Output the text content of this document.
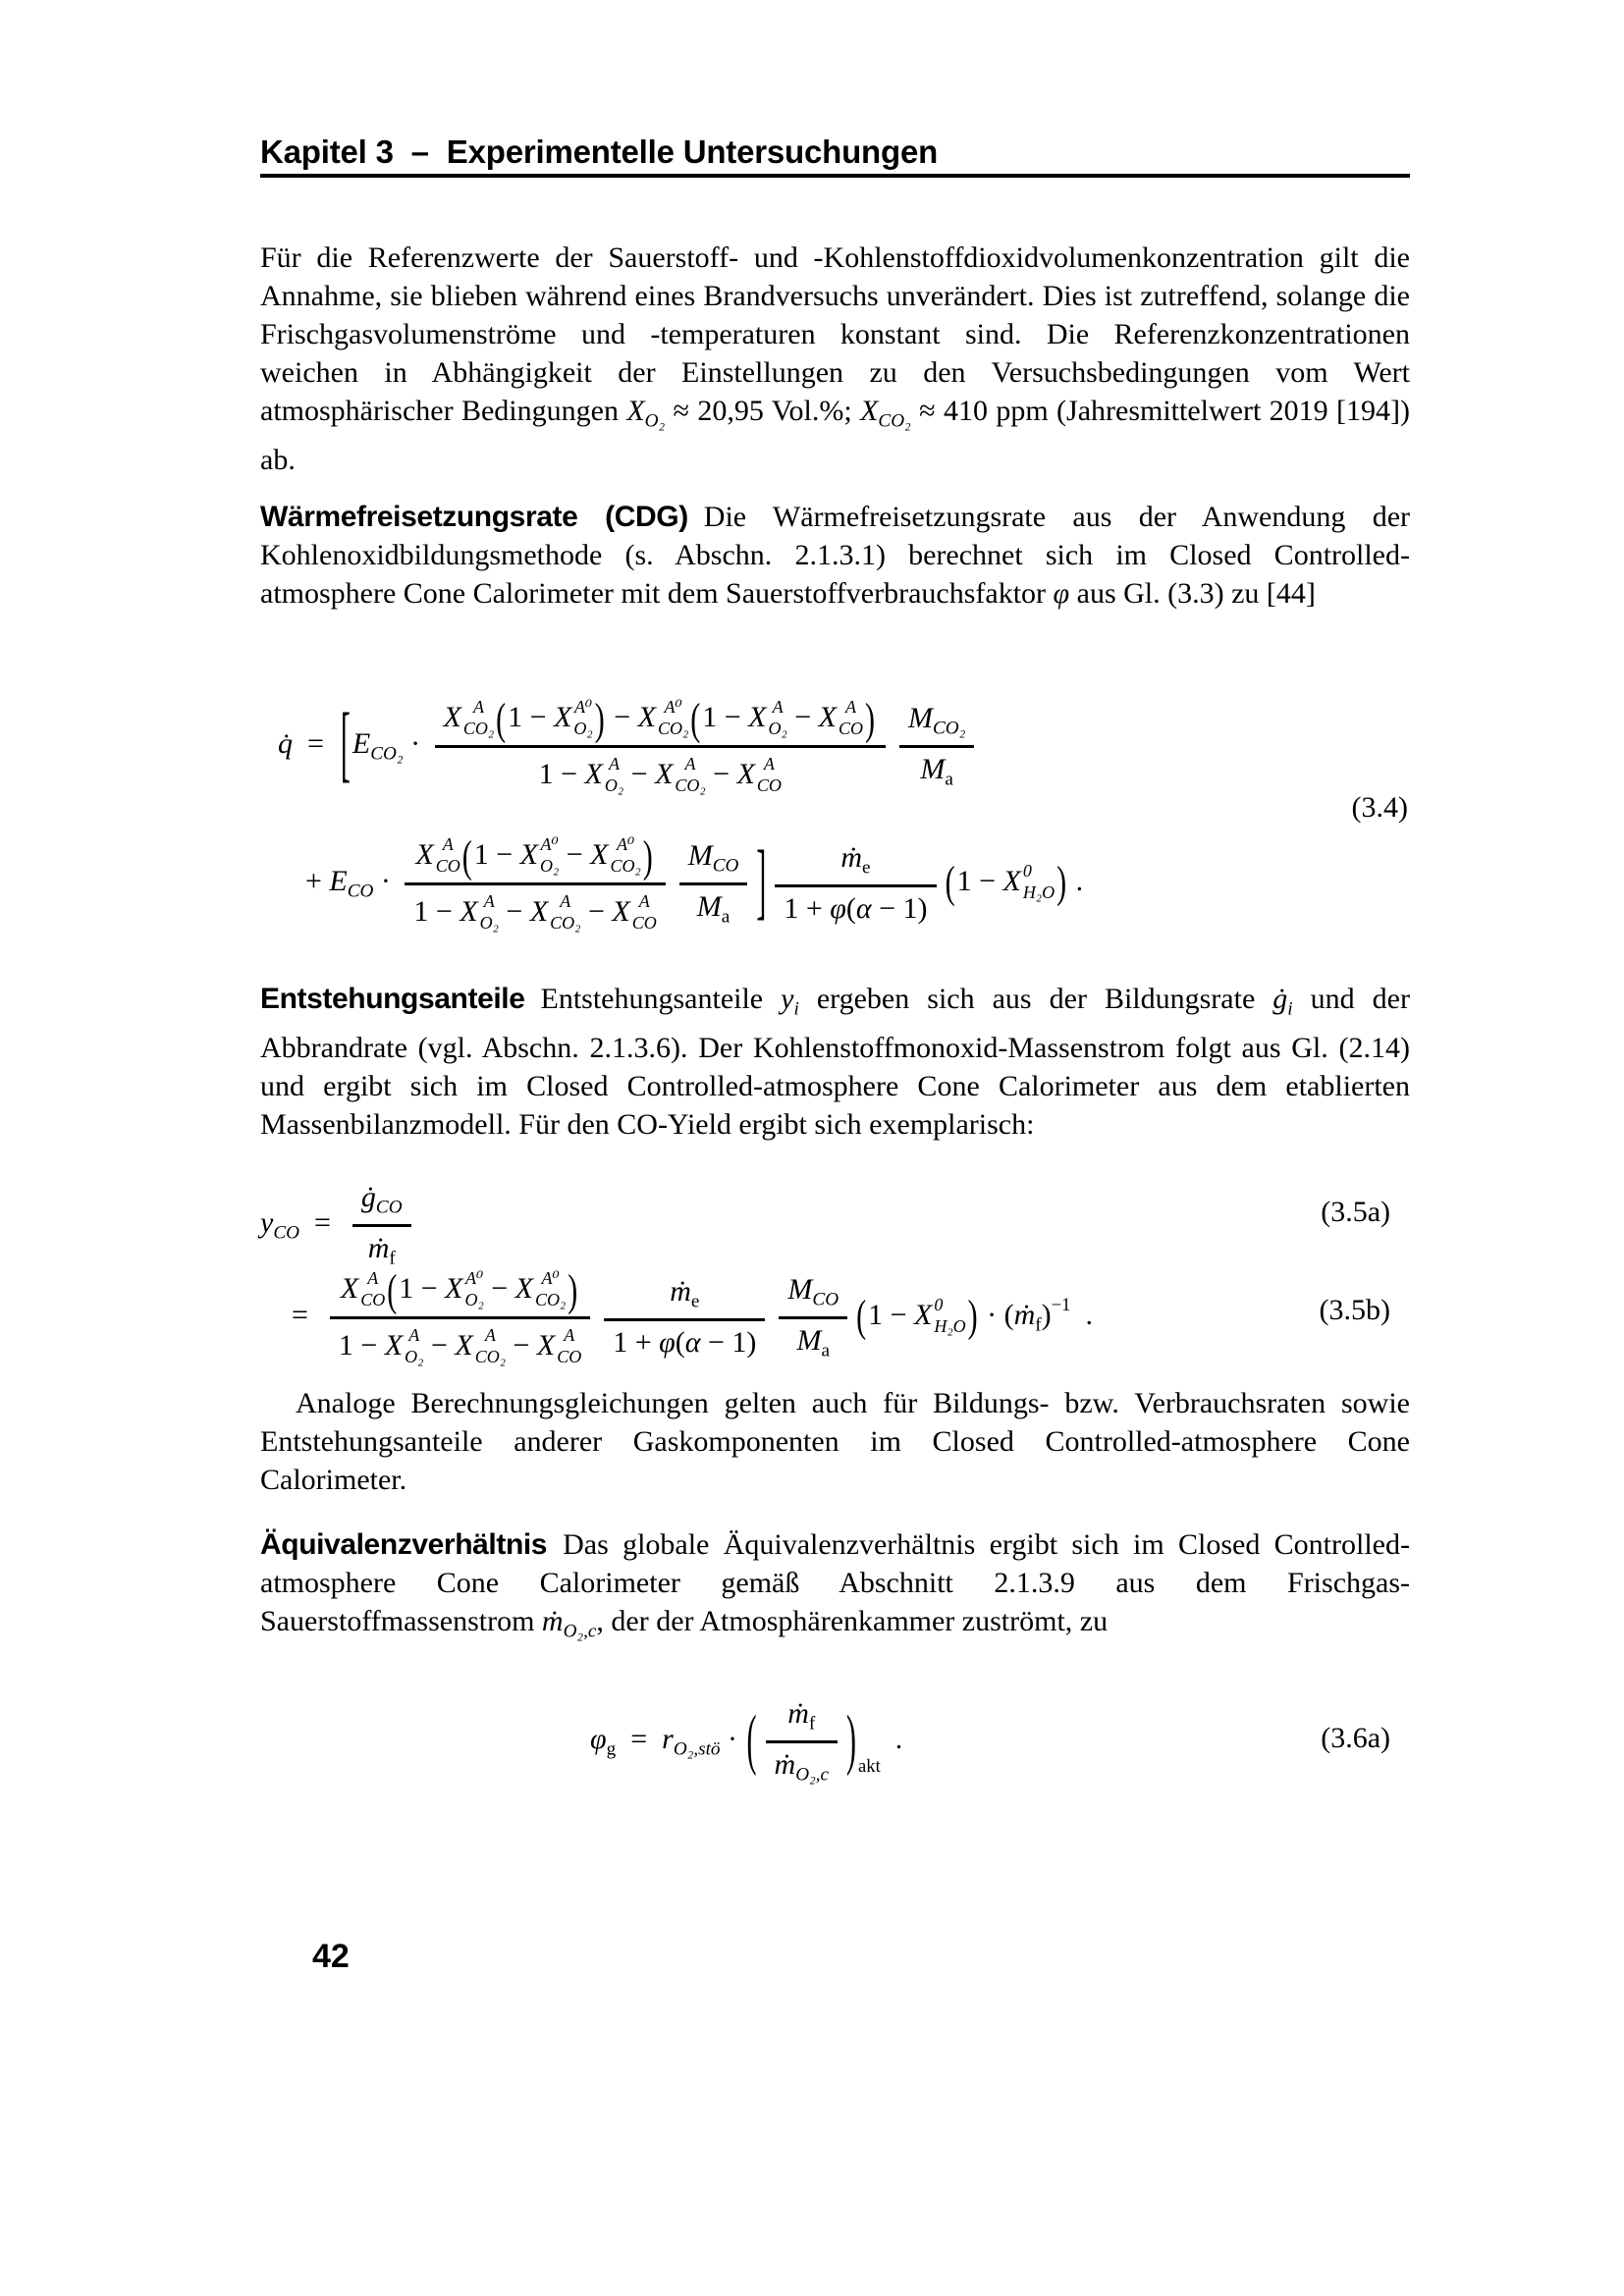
Kapitel 3  –  Experimentelle Untersuchungen
Für die Referenzwerte der Sauerstoff- und -Kohlenstoffdioxidvolumenkonzentration gilt die Annahme, sie blieben während eines Brandversuchs unverändert. Dies ist zutreffend, solange die Frischgasvolumenströme und -temperaturen konstant sind. Die Referenzkonzentrationen weichen in Abhängigkeit der Einstellungen zu den Versuchsbedingungen vom Wert atmosphärischer Bedingungen $X_{O_2} \approx 20,95$ Vol.%; $X_{CO_2} \approx 410$ ppm (Jahresmittelwert 2019 [194]) ab.
Wärmefreisetzungsrate (CDG) Die Wärmefreisetzungsrate aus der Anwendung der Kohlenoxidbildungsmethode (s. Abschn. 2.1.3.1) berechnet sich im Closed Controlled-atmosphere Cone Calorimeter mit dem Sauerstoffverbrauchsfaktor φ aus Gl. (3.3) zu [44]
q̇  =  [$E_{CO_2}$ ·
X A
CO₂ (1 − X A⁰
O₂ ) − X A⁰
CO₂ (1 − X A
O₂ − X A
CO )
1 − X A
O₂ − X A
CO₂ − X A
CO
$M_{CO_2}$
$M_a$
+ $E_{CO}$ ·
X A
CO (1 − X A⁰
O₂ − X A⁰
CO₂ )
1 − X A
O₂ − X A
CO₂ − X A
CO
$M_{CO}$
$M_a$ ] $\frac{ṁ_e}{1 + \varphi(\alpha - 1)} (1 - X$ 0
H₂O ) .
(3.4)
Entstehungsanteile Entstehungsanteile $y_i$ ergeben sich aus der Bildungsrate $ġ_i$ und der Abbrandrate (vgl. Abschn. 2.1.3.6). Der Kohlenstoffmonoxid-Massenstrom folgt aus Gl. (2.14) und ergibt sich im Closed Controlled-atmosphere Cone Calorimeter aus dem etablierten Massenbilanzmodell. Für den CO-Yield ergibt sich exemplarisch:
$y_{CO}$  =
$ġ_{CO}$
ṁ$_f$
(3.5a)
=
X A
CO (1 − X A⁰
O₂ − X A⁰
CO₂ )
1 − X A
O₂ − X A
CO₂ − X A
CO $\frac{ṁ_e}{1 + \varphi(\alpha - 1)} M_{CO}$
$M_a$
(1 − X 0
H₂O ) · (ṁ$_f$)$^{-1}$  .	(3.5b)
Analoge Berechnungsgleichungen gelten auch für Bildungs- bzw. Verbrauchsraten sowie Entstehungsanteile anderer Gaskomponenten im Closed Controlled-atmosphere Cone Calorimeter.
Äquivalenzverhältnis Das globale Äquivalenzverhältnis ergibt sich im Closed Controlled-atmosphere Cone Calorimeter gemäß Abschnitt 2.1.3.9 aus dem Frischgas-Sauerstoffmassenstrom ṁ$_{O_2,c}$, der der Atmosphärenkammer zuströmt, zu
$\varphi_g = r_{O_2,stö}$ · ( $\frac{ṁ_f}{ṁ_{O_2,c}}$ ) $_{akt}$  .	(3.6a)
42
